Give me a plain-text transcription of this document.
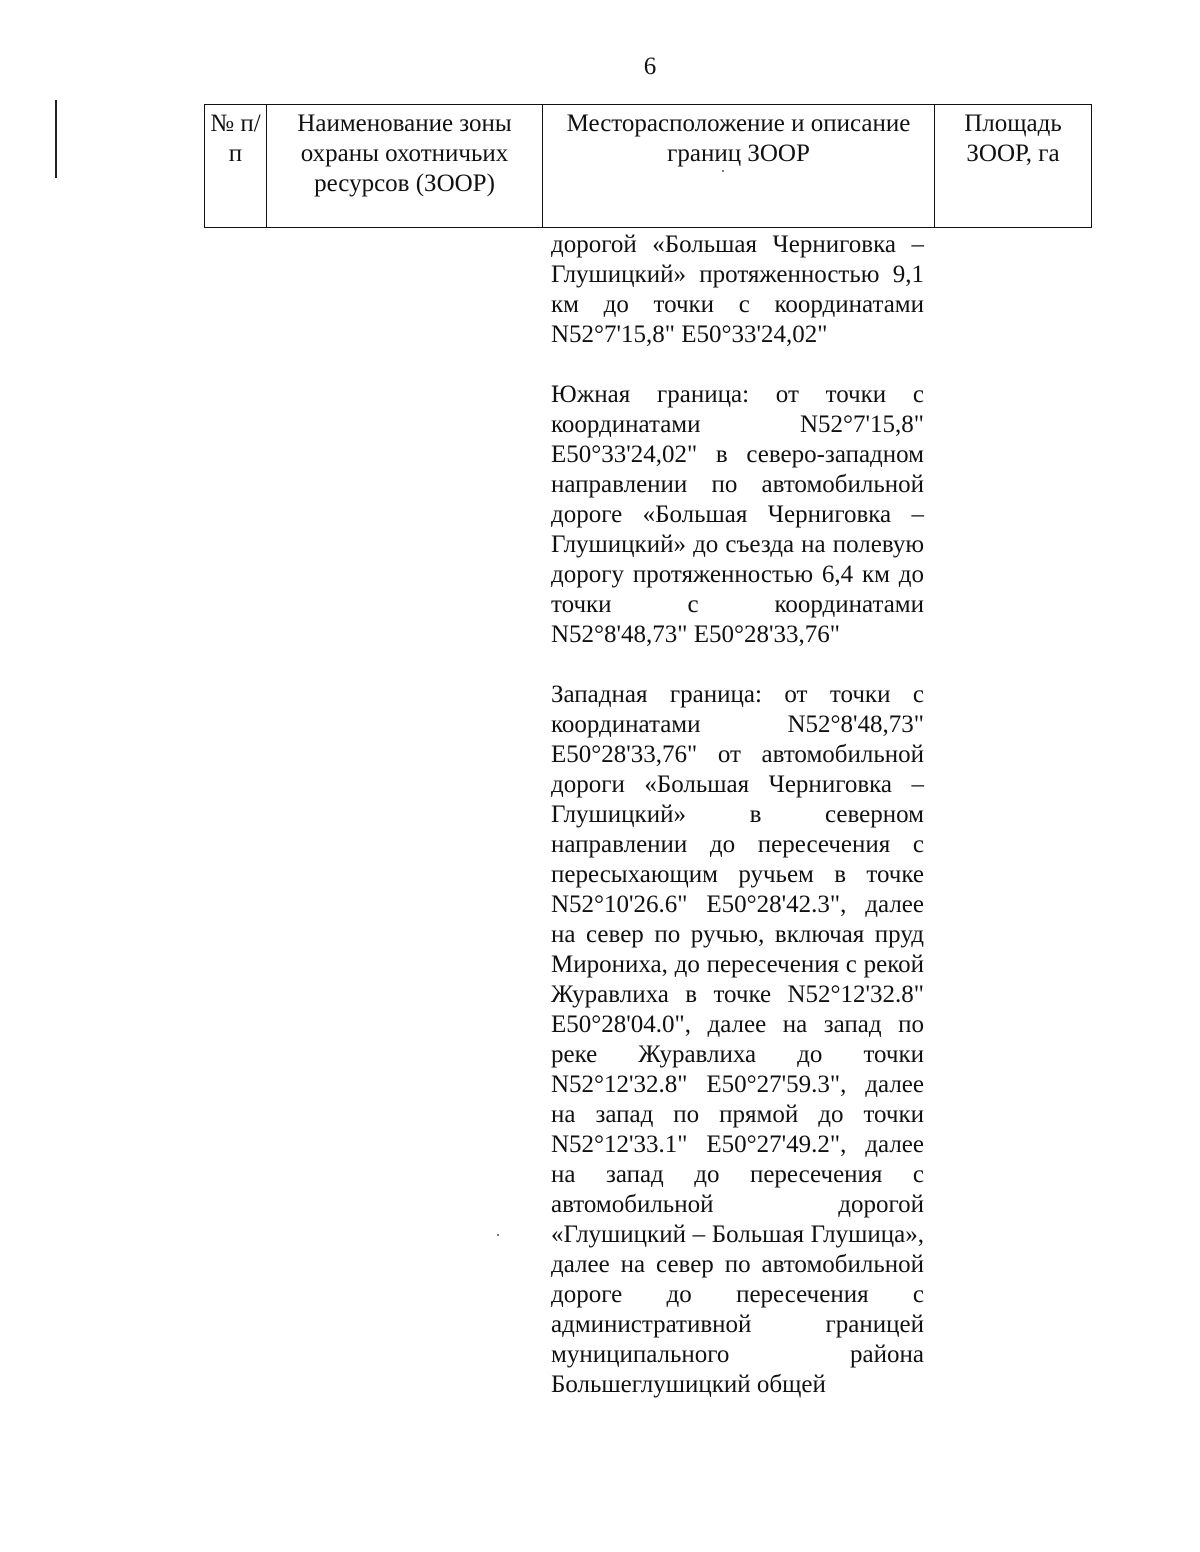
6
№ п/п	Наименование зоны охраны охотничьих ресурсов (ЗООР)	Месторасположение и описание границ ЗООР	Площадь ЗООР, га

дорогой «Большая Черниговка – Глушицкий» протяженностью 9,1 км до точки с координатами N52°7'15,8" E50°33'24,02"

Южная граница: от точки с координатами N52°7'15,8" E50°33'24,02" в северо-западном направлении по автомобильной дороге «Большая Черниговка – Глушицкий» до съезда на полевую дорогу протяженностью 6,4 км до точки с координатами N52°8'48,73" E50°28'33,76"

Западная граница: от точки с координатами N52°8'48,73" E50°28'33,76" от автомобильной дороги «Большая Черниговка – Глушицкий» в северном направлении до пересечения с пересыхающим ручьем в точке N52°10'26.6" E50°28'42.3", далее на север по ручью, включая пруд Мирониха, до пересечения с рекой Журавлиха в точке N52°12'32.8" E50°28'04.0", далее на запад по реке Журавлиха до точки N52°12'32.8" E50°27'59.3", далее на запад по прямой до точки N52°12'33.1" E50°27'49.2", далее на запад до пересечения с автомобильной дорогой «Глушицкий – Большая Глушица», далее на север по автомобильной дороге до пересечения с административной границей муниципального района Большеглушицкий общей
